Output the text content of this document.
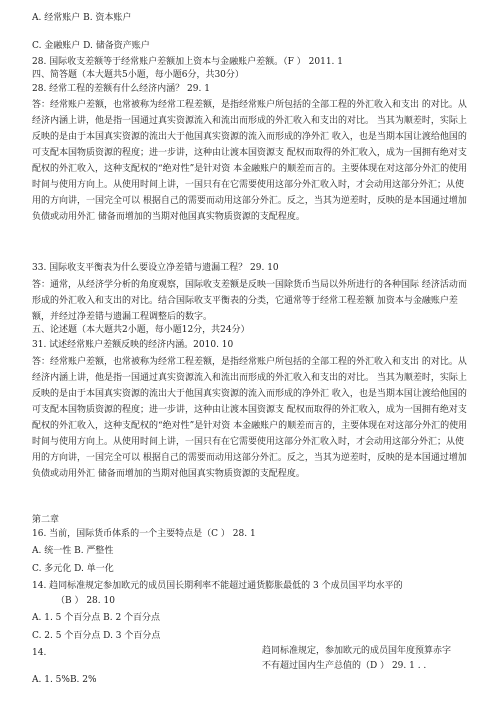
A. 经常账户 B. 资本账户

C. 金融账户 D. 储备资产账户

28. 国际收支差额等于经常账户差额加上资本与金融账户差额。（F ） 2011. 1

四、简答题（本大题共5小题，每小题6分，共30分）

28. 经常工程的差额有什么经济内涵？ 29. 1

答：经常账户差额，也常被称为经常工程差额，是指经常账户所包括的全部工程的外汇收入和支出 的对比。从经济内涵上讲，他是指一国通过真实资源流入和流出而形成的外汇收入和支出的对比。 当其为顺差时，实际上反映的是由于本国真实资源的流出大于他国真实资源的流入而形成的净外汇 收入，也是当期本国让渡给他国的可支配本国物质资源的程度；进一步讲，这种由让渡本国资源支 配权而取得的外汇收入，成为一国拥有绝对支配权的外汇收入，这种支配权的“绝对性”是针对资 本金融账户的顺差而言的。主要体现在对这部分外汇的使用时间与使用方向上。从使用时间上讲，一国只有在它需要使用这部分外汇收入时，才会动用这部分外汇；从使用的方向讲，一国完全可以 根据自己的需要而动用这部分外汇。反之，当其为逆差时，反映的是本国通过增加负债或动用外汇 储备而增加的当期对他国真实物质资源的支配程度。

33. 国际收支平衡表为什么要设立净差错与遗漏工程？ 29. 10

答：通常，从经济学分析的角度观察，国际收支差额是反映一国除货币当局以外所进行的各种国际 经济活动而形成的外汇收入和支出的对比。结合国际收支平衡表的分类，它通常等于经常工程差额 加资本与金融账户差额，并经过净差错与遗漏工程调整后的数字。

五、论述题（本大题共2小题，每小题12分，共24分）

31. 试述经常账户差额反映的经济内涵。2010. 10

答：经常账户差额，也常被称为经常工程差额，是指经常账户所包括的全部工程的外汇收入和支出 的对比。从经济内涵上讲，他是指一国通过真实资源流入和流出而形成的外汇收入和支出的对比。 当其为顺差时，实际上反映的是由于本国真实资源的流出大于他国真实资源的流入而形成的净外汇 收入，也是当期本国让渡给他国的可支配本国物质资源的程度；进一步讲，这种由让渡本国资源支 配权而取得的外汇收入，成为一国拥有绝对支配权的外汇收入，这种支配权的“绝对性”是针对资 本金融账户的顺差而言的，主要体现在对这部分外汇的使用时间与使用方向上。从使用时间上讲，一国只有在它需要使用这部分外汇收入时，才会动用这部分外汇；从使用的方向讲，一国完全可以 根据自己的需要而动用这部分外汇。反之，当其为逆差时，反映的是本国通过增加负债或动用外汇 储备而增加的当期对他国真实物质资源的支配程度。

第二章

16. 当前，国际货币体系的一个主要特点是（C ） 28. 1

A. 统一性 B. 严整性

C. 多元化 D. 单一化

14. 趋同标准规定参加欧元的成员国长期利率不能超过通货膨胀最低的 3 个成员国平均水平的

（B ） 28. 10

A. 1. 5 个百分点 B. 2 个百分点

C. 2. 5 个百分点 D. 3 个百分点

14.	趋同标准规定，参加欧元的成员国年度预算赤字

不有超过国内生产总值的（D ） 29. 1 . .

A. 1. 5%B. 2%
